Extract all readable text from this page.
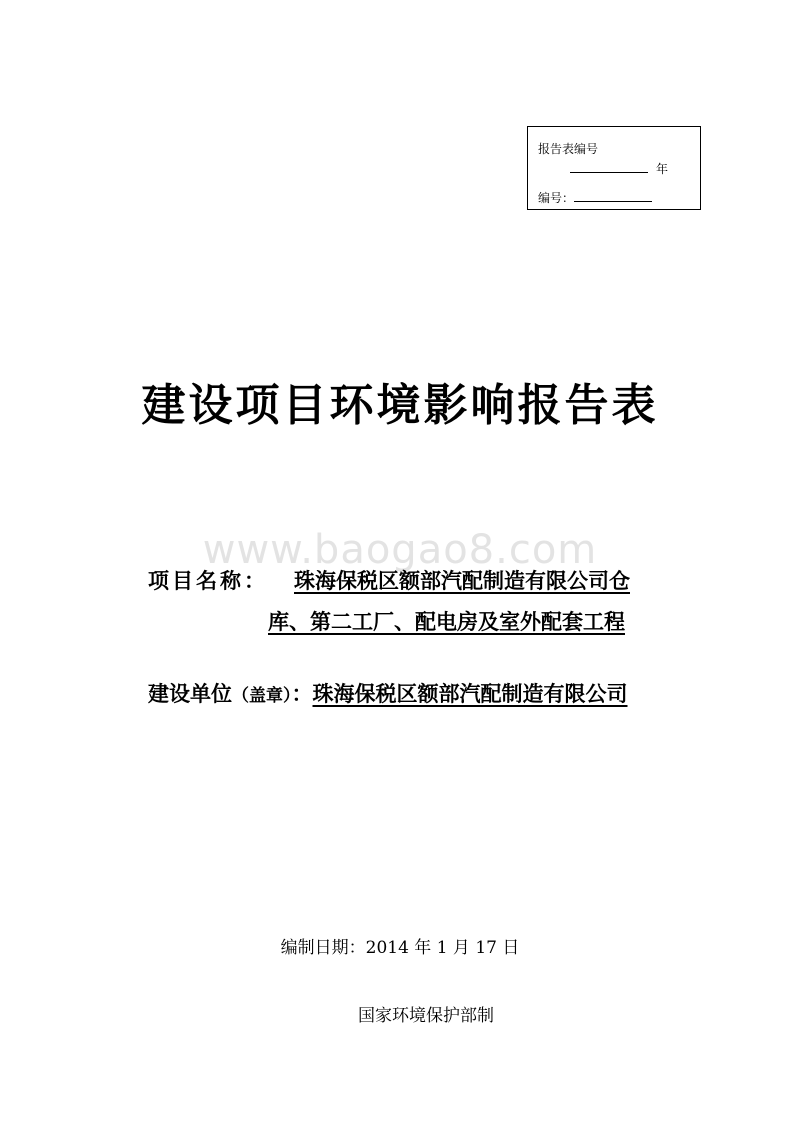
报告表编号
年
编号：
建设项目环境影响报告表
www.baogao8.com
项目名称： 珠海保税区额部汽配制造有限公司仓
库、第二工厂、配电房及室外配套工程
建设单位（盖章）：珠海保税区额部汽配制造有限公司
编制日期：2014 年 1 月 17 日
国家环境保护部制
